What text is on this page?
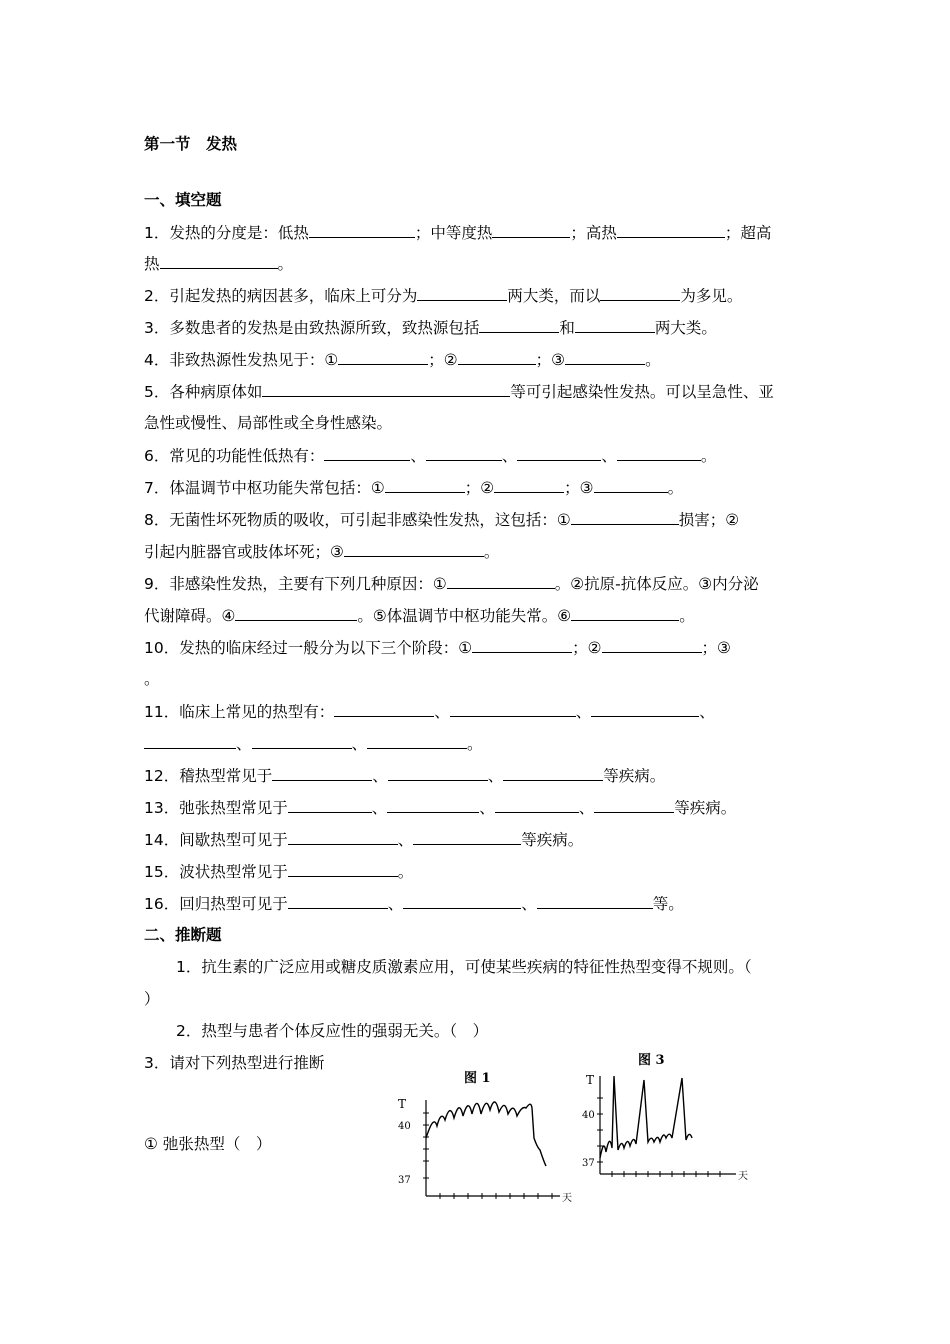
第一节　发热
一、填空题
1．发热的分度是：低热	；中等度热	；高热	；超高
热	。
2．引起发热的病因甚多，临床上可分为	两大类，而以	为多见。
3．多数患者的发热是由致热源所致，致热源包括	和	两大类。
4．非致热源性发热见于：①	；②	；③	。
5．各种病原体如	等可引起感染性发热。可以呈急性、亚
急性或慢性、局部性或全身性感染。
6．常见的功能性低热有：	、	、	、	。
7．体温调节中枢功能失常包括：①	；②	；③	。
8．无菌性坏死物质的吸收，可引起非感染性发热，这包括：①	损害；②
引起内脏器官或肢体坏死；③	。
9．非感染性发热，主要有下列几种原因：①	。②抗原-抗体反应。③内分泌
代谢障碍。④	。⑤体温调节中枢功能失常。⑥	。
10．发热的临床经过一般分为以下三个阶段：①	；②	；③
。
11．临床上常见的热型有：	、	、	、
、	、	。
12．稽热型常见于	、	、	等疾病。
13．弛张热型常见于	、	、	、	等疾病。
14．间歇热型可见于	、	等疾病。
15．波状热型常见于	。
16．回归热型可见于	、	、	等。
二、推断题
1．抗生素的广泛应用或糖皮质激素应用，可使某些疾病的特征性热型变得不规则。（
）
2．热型与患者个体反应性的强弱无关。（　）
3．请对下列热型进行推断
① 弛张热型（　）
图 1
T
40
37
天
图 3
T
40
37
天
